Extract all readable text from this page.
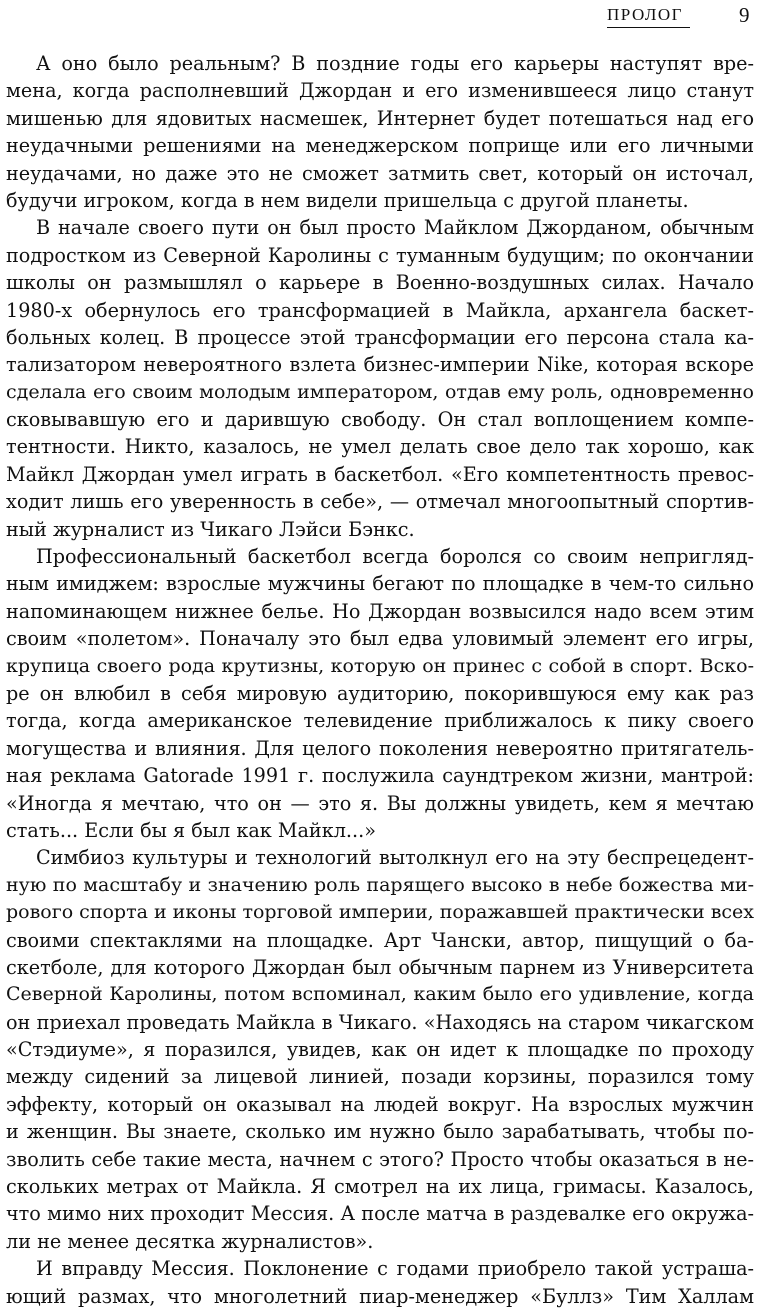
ПРОЛОГ	9
А оно было реальным? В поздние годы его карьеры наступят вре-
мена, когда располневший Джордан и его изменившееся лицо станут
мишенью для ядовитых насмешек, Интернет будет потешаться над его
неудачными решениями на менеджерском поприще или его личными
неудачами, но даже это не сможет затмить свет, который он источал,
будучи игроком, когда в нем видели пришельца с другой планеты.
В начале своего пути он был просто Майклом Джорданом, обычным
подростком из Северной Каролины с туманным будущим; по окончании
школы он размышлял о карьере в Военно-воздушных силах. Начало
1980-х обернулось его трансформацией в Майкла, архангела баскет-
больных колец. В процессе этой трансформации его персона стала ка-
тализатором невероятного взлета бизнес-империи Nike, которая вскоре
сделала его своим молодым императором, отдав ему роль, одновременно
сковывавшую его и дарившую свободу. Он стал воплощением компе-
тентности. Никто, казалось, не умел делать свое дело так хорошо, как
Майкл Джордан умел играть в баскетбол. «Его компетентность превос-
ходит лишь его уверенность в себе», — отмечал многоопытный спортив-
ный журналист из Чикаго Лэйси Бэнкс.
Профессиональный баскетбол всегда боролся со своим непригляд-
ным имиджем: взрослые мужчины бегают по площадке в чем-то сильно
напоминающем нижнее белье. Но Джордан возвысился надо всем этим
своим «полетом». Поначалу это был едва уловимый элемент его игры,
крупица своего рода крутизны, которую он принес с собой в спорт. Вско-
ре он влюбил в себя мировую аудиторию, покорившуюся ему как раз
тогда, когда американское телевидение приближалось к пику своего
могущества и влияния. Для целого поколения невероятно притягатель-
ная реклама Gatorade 1991 г. послужила саундтреком жизни, мантрой:
«Иногда я мечтаю, что он — это я. Вы должны увидеть, кем я мечтаю
стать... Если бы я был как Майкл...»
Симбиоз культуры и технологий вытолкнул его на эту беспрецедент-
ную по масштабу и значению роль парящего высоко в небе божества ми-
рового спорта и иконы торговой империи, поражавшей практически всех
своими спектаклями на площадке. Арт Чански, автор, пищущий о ба-
скетболе, для которого Джордан был обычным парнем из Университета
Северной Каролины, потом вспоминал, каким было его удивление, когда
он приехал проведать Майкла в Чикаго. «Находясь на старом чикагском
«Стэдиуме», я поразился, увидев, как он идет к площадке по проходу
между сидений за лицевой линией, позади корзины, поразился тому
эффекту, который он оказывал на людей вокруг. На взрослых мужчин
и женщин. Вы знаете, сколько им нужно было зарабатывать, чтобы по-
зволить себе такие места, начнем с этого? Просто чтобы оказаться в не-
скольких метрах от Майкла. Я смотрел на их лица, гримасы. Казалось,
что мимо них проходит Мессия. А после матча в раздевалке его окружа-
ли не менее десятка журналистов».
И вправду Мессия. Поклонение с годами приобрело такой устраша-
ющий размах, что многолетний пиар-менеджер «Буллз» Тим Халлам
